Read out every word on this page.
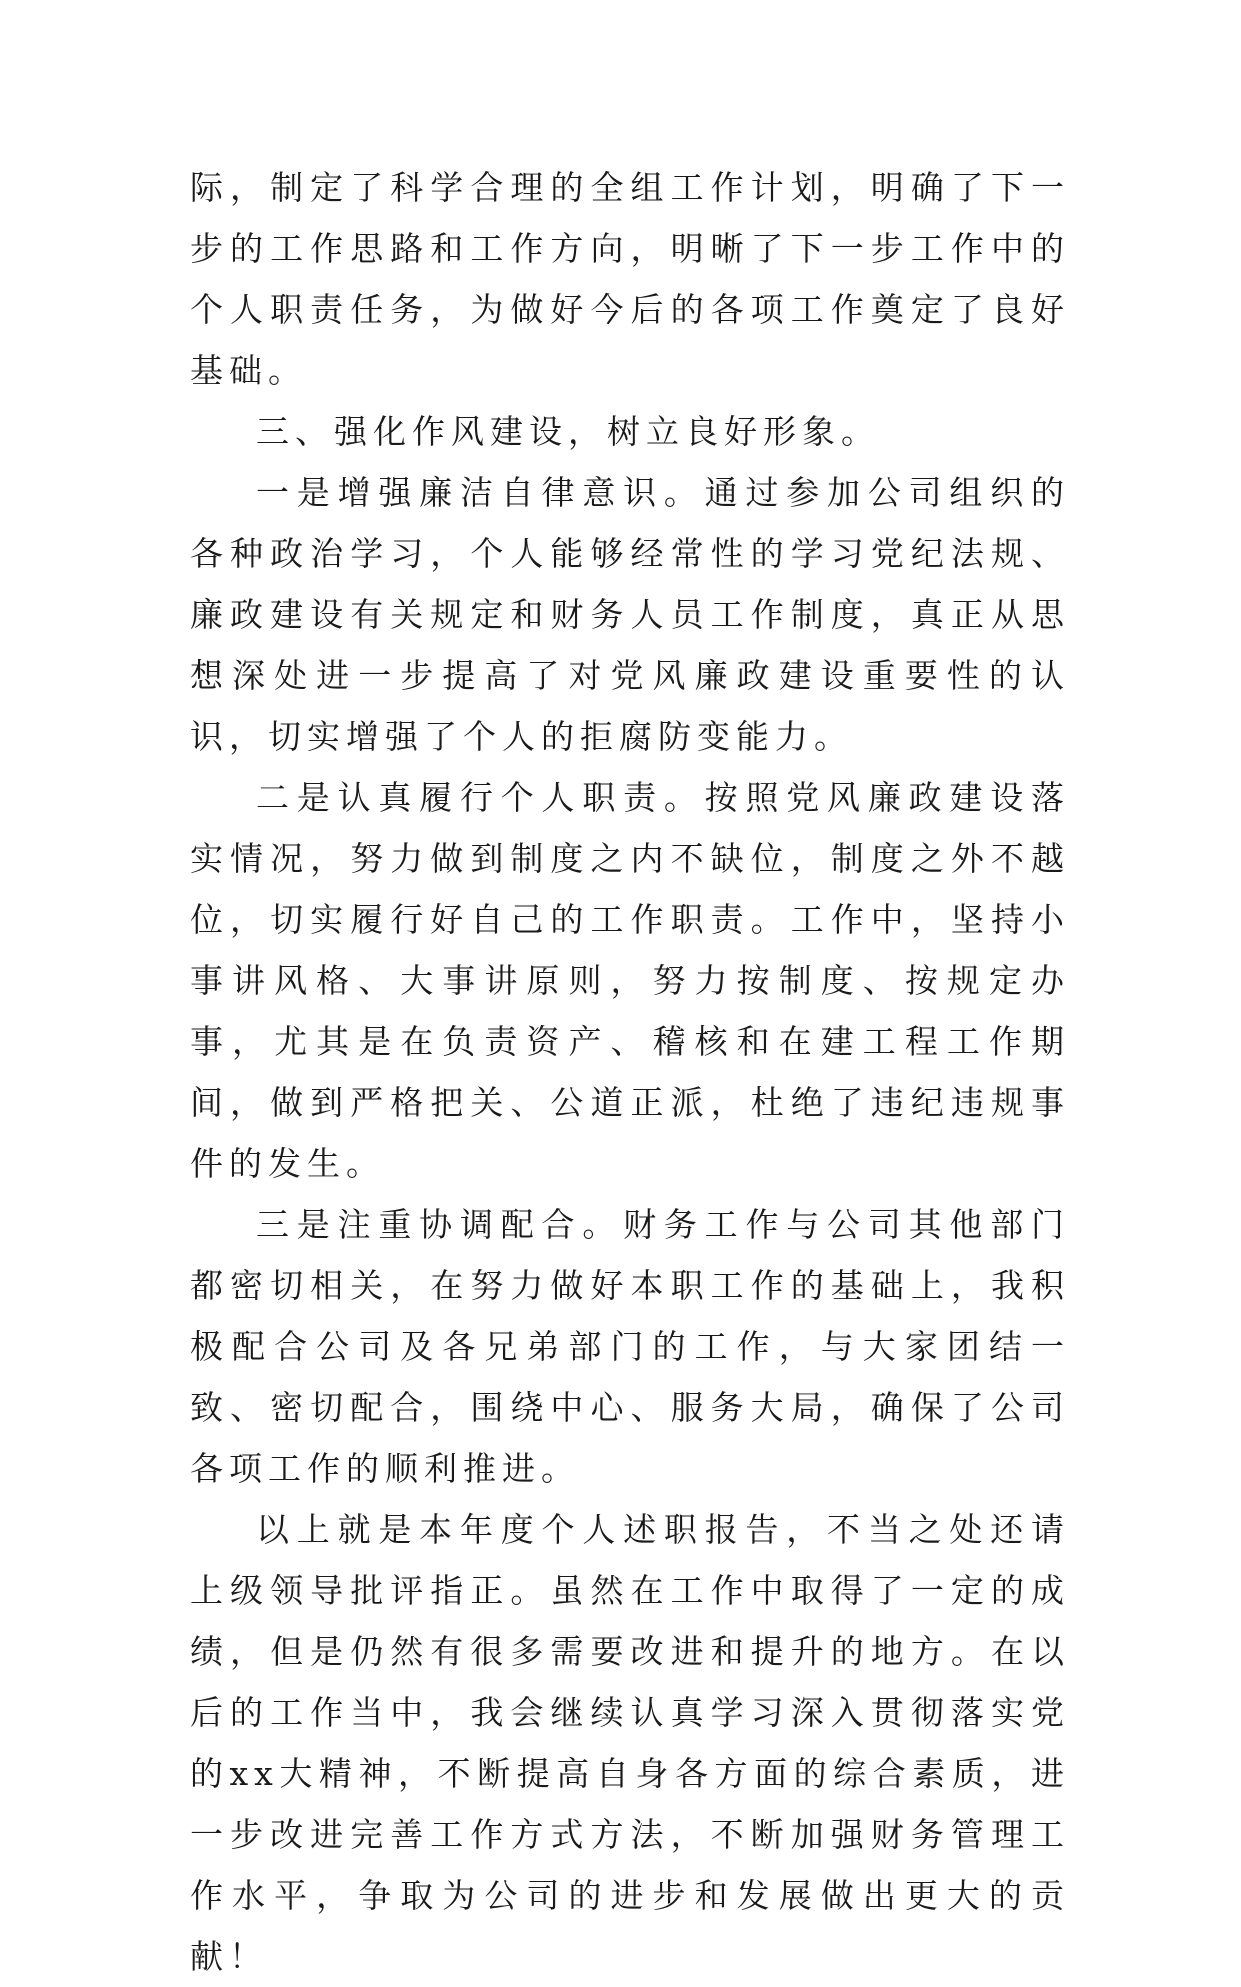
际，制定了科学合理的全组工作计划，明确了下一步的工作思路和工作方向，明晰了下一步工作中的个人职责任务，为做好今后的各项工作奠定了良好基础。

三、强化作风建设，树立良好形象。

一是增强廉洁自律意识。通过参加公司组织的各种政治学习，个人能够经常性的学习党纪法规、廉政建设有关规定和财务人员工作制度，真正从思想深处进一步提高了对党风廉政建设重要性的认识，切实增强了个人的拒腐防变能力。

二是认真履行个人职责。按照党风廉政建设落实情况，努力做到制度之内不缺位，制度之外不越位，切实履行好自己的工作职责。工作中，坚持小事讲风格、大事讲原则，努力按制度、按规定办事，尤其是在负责资产、稽核和在建工程工作期间，做到严格把关、公道正派，杜绝了违纪违规事件的发生。

三是注重协调配合。财务工作与公司其他部门都密切相关，在努力做好本职工作的基础上，我积极配合公司及各兄弟部门的工作，与大家团结一致、密切配合，围绕中心、服务大局，确保了公司各项工作的顺利推进。

以上就是本年度个人述职报告，不当之处还请上级领导批评指正。虽然在工作中取得了一定的成绩，但是仍然有很多需要改进和提升的地方。在以后的工作当中，我会继续认真学习深入贯彻落实党的xx大精神，不断提高自身各方面的综合素质，进一步改进完善工作方式方法，不断加强财务管理工作水平，争取为公司的进步和发展做出更大的贡献！
